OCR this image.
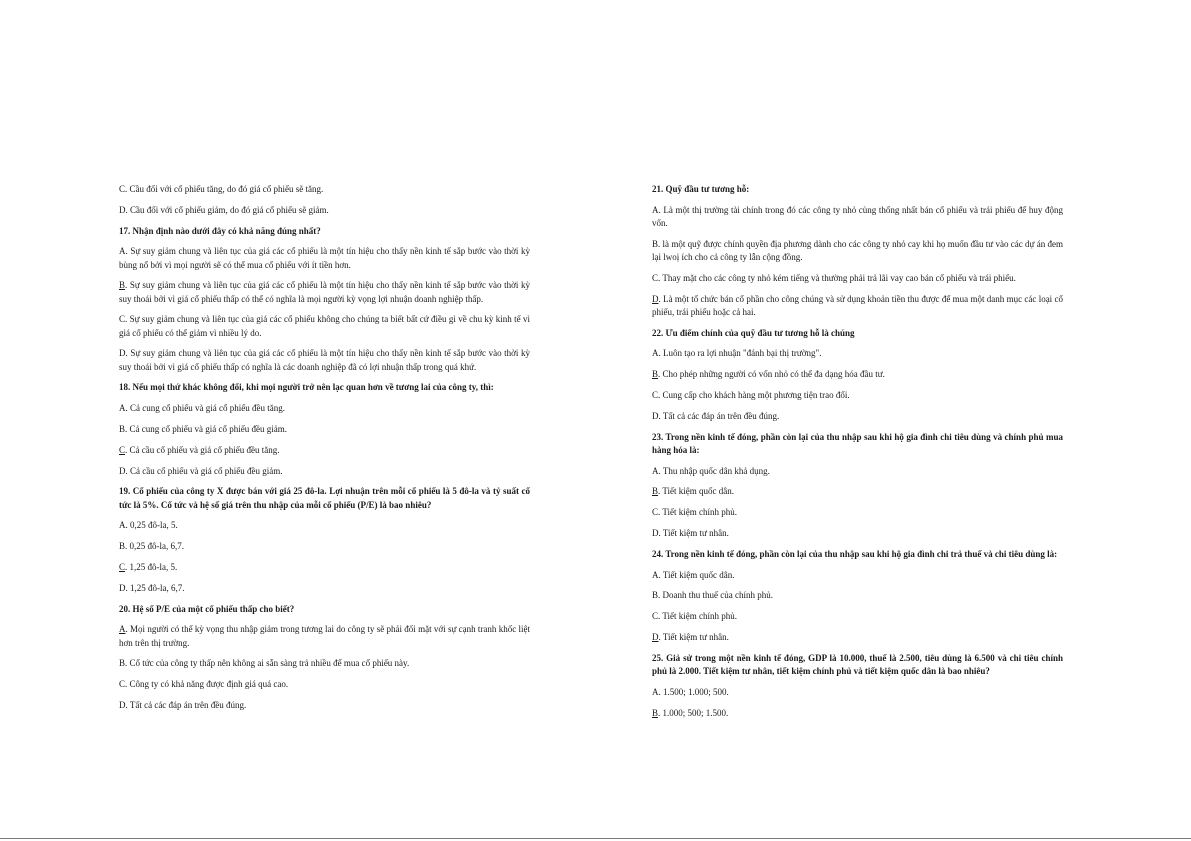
C. Cầu đối với cổ phiếu tăng, do đó giá cổ phiếu sẽ tăng.

D. Cầu đối với cổ phiếu giảm, do đó giá cổ phiếu sẽ giảm.

17. Nhận định nào dưới đây có khả năng đúng nhất?

A. Sự suy giảm chung và liên tục của giá các cổ phiếu là một tín hiệu cho thấy nền kinh tế sắp bước vào thời kỳ bùng nổ bởi vì mọi người sẽ có thể mua cổ phiếu với ít tiền hơn.

B. Sự suy giảm chung và liên tục của giá các cổ phiếu là một tín hiệu cho thấy nền kinh tế sắp bước vào thời kỳ suy thoái bởi vì giá cổ phiếu thấp có thể có nghĩa là mọi người kỳ vọng lợi nhuận doanh nghiệp thấp.

C. Sự suy giảm chung và liên tục của giá các cổ phiếu không cho chúng ta biết bất cứ điều gì về chu kỳ kinh tế vì giá cổ phiếu có thể giảm vì nhiều lý do.

D. Sự suy giảm chung và liên tục của giá các cổ phiếu là một tín hiệu cho thấy nền kinh tế sắp bước vào thời kỳ suy thoái bởi vì giá cổ phiếu thấp có nghĩa là các doanh nghiệp đã có lợi nhuận thấp trong quá khứ.

18. Nếu mọi thứ khác không đổi, khi mọi người trở nên lạc quan hơn về tương lai của công ty, thì:

A. Cả cung cổ phiếu và giá cổ phiếu đều tăng.

B. Cả cung cổ phiếu và giá cổ phiếu đều giảm.

C. Cả cầu cổ phiếu và giá cổ phiếu đều tăng.

D. Cả cầu cổ phiếu và giá cổ phiếu đều giảm.

19. Cổ phiếu của công ty X được bán với giá 25 đô-la. Lợi nhuận trên mỗi cổ phiếu là 5 đô-la và tỷ suất cổ tức là 5%. Cổ tức và hệ số giá trên thu nhập của mỗi cổ phiếu (P/E) là bao nhiêu?

A. 0,25 đô-la, 5.

B. 0,25 đô-la, 6,7.

C. 1,25 đô-la, 5.

D. 1,25 đô-la, 6,7.

20. Hệ số P/E của một cổ phiếu thấp cho biết?

A. Mọi người có thể kỳ vọng thu nhập giảm trong tương lai do công ty sẽ phải đối mặt với sự cạnh tranh khốc liệt hơn trên thị trường.

B. Cổ tức của công ty thấp nên không ai sẵn sàng trả nhiều để mua cổ phiếu này.

C. Công ty có khả năng được định giá quá cao.

D. Tất cả các đáp án trên đều đúng.

21. Quỹ đầu tư tương hỗ:

A. Là một thị trường tài chính trong đó các công ty nhỏ cùng thống nhất bán cổ phiếu và trái phiếu để huy động vốn.

B. là một quỹ được chính quyền địa phương dành cho các công ty nhỏ cay khi họ muốn đầu tư vào các dự án đem lại lwoị ích cho cả công ty lẫn cộng đồng.

C. Thay mặt cho các công ty nhỏ kém tiếng và thường phải trả lãi vay cao bán cổ phiếu và trái phiếu.

D. Là một tổ chức bán cổ phần cho công chúng và sử dụng khoản tiền thu được để mua một danh mục các loại cổ phiếu, trái phiếu hoặc cả hai.

22. Ưu điểm chính của quỹ đầu tư tương hỗ là chúng

A. Luôn tạo ra lợi nhuận "đánh bại thị trường".

B. Cho phép những người có vốn nhỏ có thể đa dạng hóa đầu tư.

C. Cung cấp cho khách hàng một phương tiện trao đổi.

D. Tất cả các đáp án trên đều đúng.

23. Trong nền kinh tế đóng, phần còn lại của thu nhập sau khi hộ gia đình chi tiêu dùng và chính phủ mua hàng hóa là:

A. Thu nhập quốc dân khả dụng.

B. Tiết kiệm quốc dân.

C. Tiết kiệm chính phủ.

D. Tiết kiệm tư nhân.

24. Trong nền kinh tế đóng, phần còn lại của thu nhập sau khi hộ gia đình chi trả thuế và chi tiêu dùng là:

A. Tiết kiệm quốc dân.

B. Doanh thu thuế của chính phủ.

C. Tiết kiệm chính phủ.

D. Tiết kiệm tư nhân.

25. Giả sử trong một nền kinh tế đóng, GDP là 10.000, thuế là 2.500, tiêu dùng là 6.500 và chi tiêu chính phủ là 2.000. Tiết kiệm tư nhân, tiết kiệm chính phủ và tiết kiệm quốc dân là bao nhiêu?

A. 1.500; 1.000; 500.

B. 1.000; 500; 1.500.
